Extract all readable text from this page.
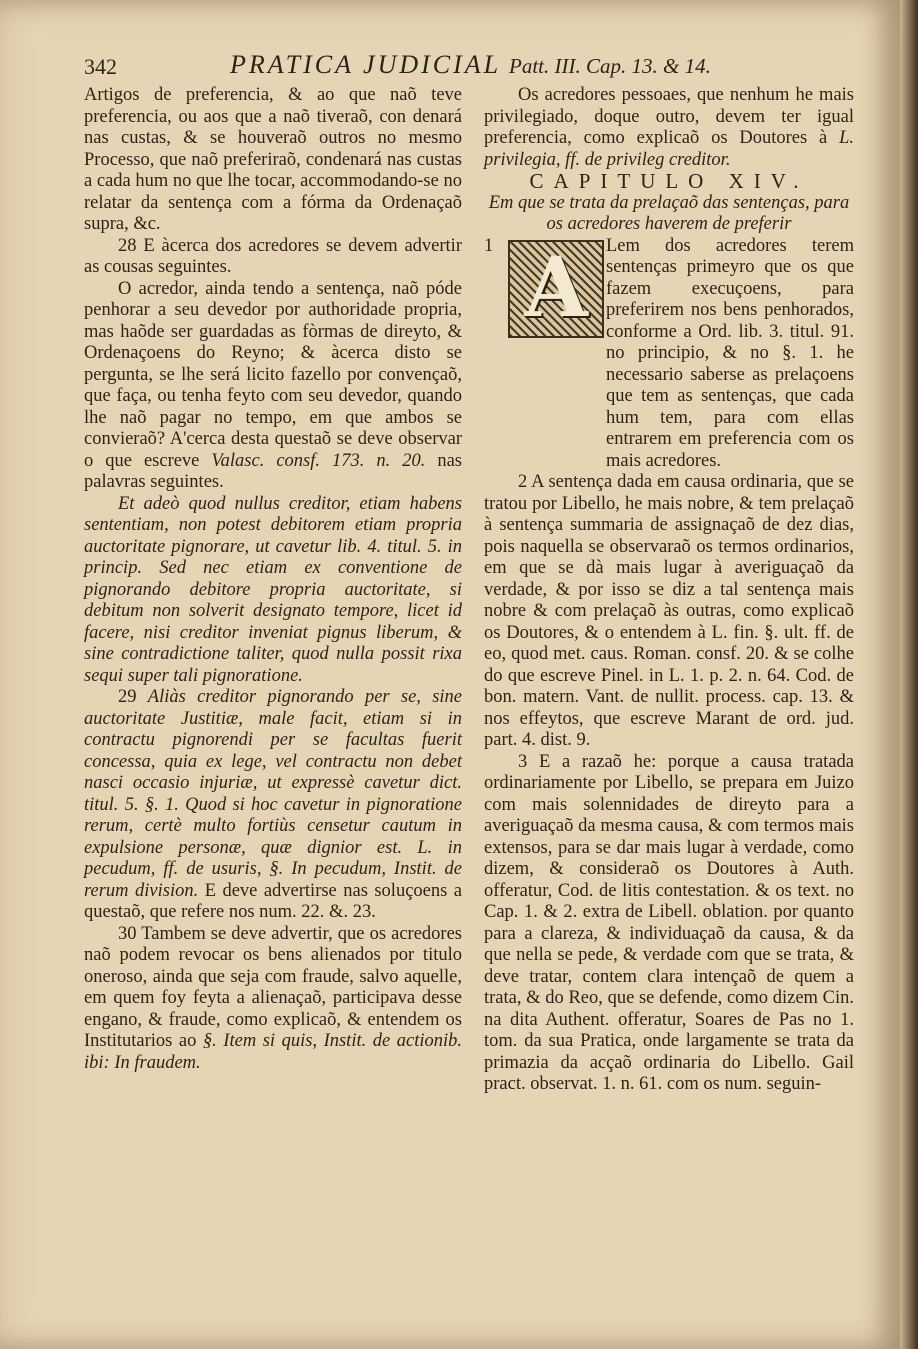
342	PRATICA JUDICIAL Patt. III. Cap. 13. & 14.

Artigos de preferencia, & ao que naõ teve preferencia, ou aos que a naõ tiveraõ, con denará nas custas, & se houveraõ outros no mesmo Processo, que naõ preferiraõ, condenará nas custas a cada hum no que lhe tocar, accommodando-se no relatar da sentença com a fórma da Ordenaçaõ supra, &c.

28 E àcerca dos acredores se devem advertir as cousas seguintes.

O acredor, ainda tendo a sentença, naõ póde penhorar a seu devedor por authoridade propria, mas haõde ser guardadas as fòrmas de direyto, & Ordenaçoens do Reyno; & àcerca disto se pergunta, se lhe será licito fazello por convençaõ, que faça, ou tenha feyto com seu devedor, quando lhe naõ pagar no tempo, em que ambos se convieraõ? A'cerca desta questaõ se deve observar o que escreve Valasc. consf. 173. n. 20. nas palavras seguintes.

Et adeò quod nullus creditor, etiam habens sententiam, non potest debitorem etiam propria auctoritate pignorare, ut cavetur lib. 4. titul. 5. in princip. Sed nec etiam ex conventione de pignorando debitore propria auctoritate, si debitum non solverit designato tempore, licet id facere, nisi creditor inveniat pignus liberum, & sine contradictione taliter, quod nulla possit rixa sequi super tali pignoratione.

29 Aliàs creditor pignorando per se, sine auctoritate Justitiæ, male facit, etiam si in contractu pignorendi per se facultas fuerit concessa, quia ex lege, vel contractu non debet nasci occasio injuriæ, ut expressè cavetur dict. titul. 5. §. 1. Quod si hoc cavetur in pignoratione rerum, certè multo fortiùs censetur cautum in expulsione personæ, quæ dignior est. L. in pecudum, ff. de usuris, §. In pecudum, Instit. de rerum division. E deve advertirse nas soluçoens a questaõ, que refere nos num. 22. &. 23.

30 Tambem se deve advertir, que os acredores naõ podem revocar os bens alienados por titulo oneroso, ainda que seja com fraude, salvo aquelle, em quem foy feyta a alienaçaõ, participava desse engano, & fraude, como explicaõ, & entendem os Institutarios ao §. Item si quis, Instit. de actionib. ibi: In fraudem.

Os acredores pessoaes, que nenhum he mais privilegiado, doque outro, devem ter igual preferencia, como explicaõ os Doutores à L. privilegia, ff. de privileg creditor.

CAPITULO XIV.

Em que se trata da prelaçaõ das sentenças, para os acredores haverem de preferir

1 A Lem dos acredores terem sentenças primeyro que os que fazem execuçoens, para preferirem nos bens penhorados, conforme a Ord. lib. 3. titul. 91. no principio, & no §. 1. he necessario saberse as prelaçoens que tem as sentenças, que cada hum tem, para com ellas entrarem em preferencia com os mais acredores.

2 A sentença dada em causa ordinaria, que se tratou por Libello, he mais nobre, & tem prelaçaõ à sentença summaria de assignaçaõ de dez dias, pois naquella se observaraõ os termos ordinarios, em que se dà mais lugar à averiguaçaõ da verdade, & por isso se diz a tal sentença mais nobre & com prelaçaõ às outras, como explicaõ os Doutores, & o entendem à L. fin. §. ult. ff. de eo, quod met. caus. Roman. consf. 20. & se colhe do que escreve Pinel. in L. 1. p. 2. n. 64. Cod. de bon. matern. Vant. de nullit. process. cap. 13. & nos effeytos, que escreve Marant de ord. jud. part. 4. dist. 9.

3 E a razaõ he: porque a causa tratada ordinariamente por Libello, se prepara em Juizo com mais solennidades de direyto para a averiguaçaõ da mesma causa, & com termos mais extensos, para se dar mais lugar à verdade, como dizem, & consideraõ os Doutores à Auth. offeratur, Cod. de litis contestation. & os text. no Cap. 1. & 2. extra de Libell. oblation. por quanto para a clareza, & individuaçaõ da causa, & da que nella se pede, & verdade com que se trata, & deve tratar, contem clara intençaõ de quem a trata, & do Reo, que se defende, como dizem Cin. na dita Authent. offeratur, Soares de Pas no 1. tom. da sua Pratica, onde largamente se trata da primazia da acçaõ ordinaria do Libello. Gail pract. observat. 1. n. 61. com os num. seguin-
